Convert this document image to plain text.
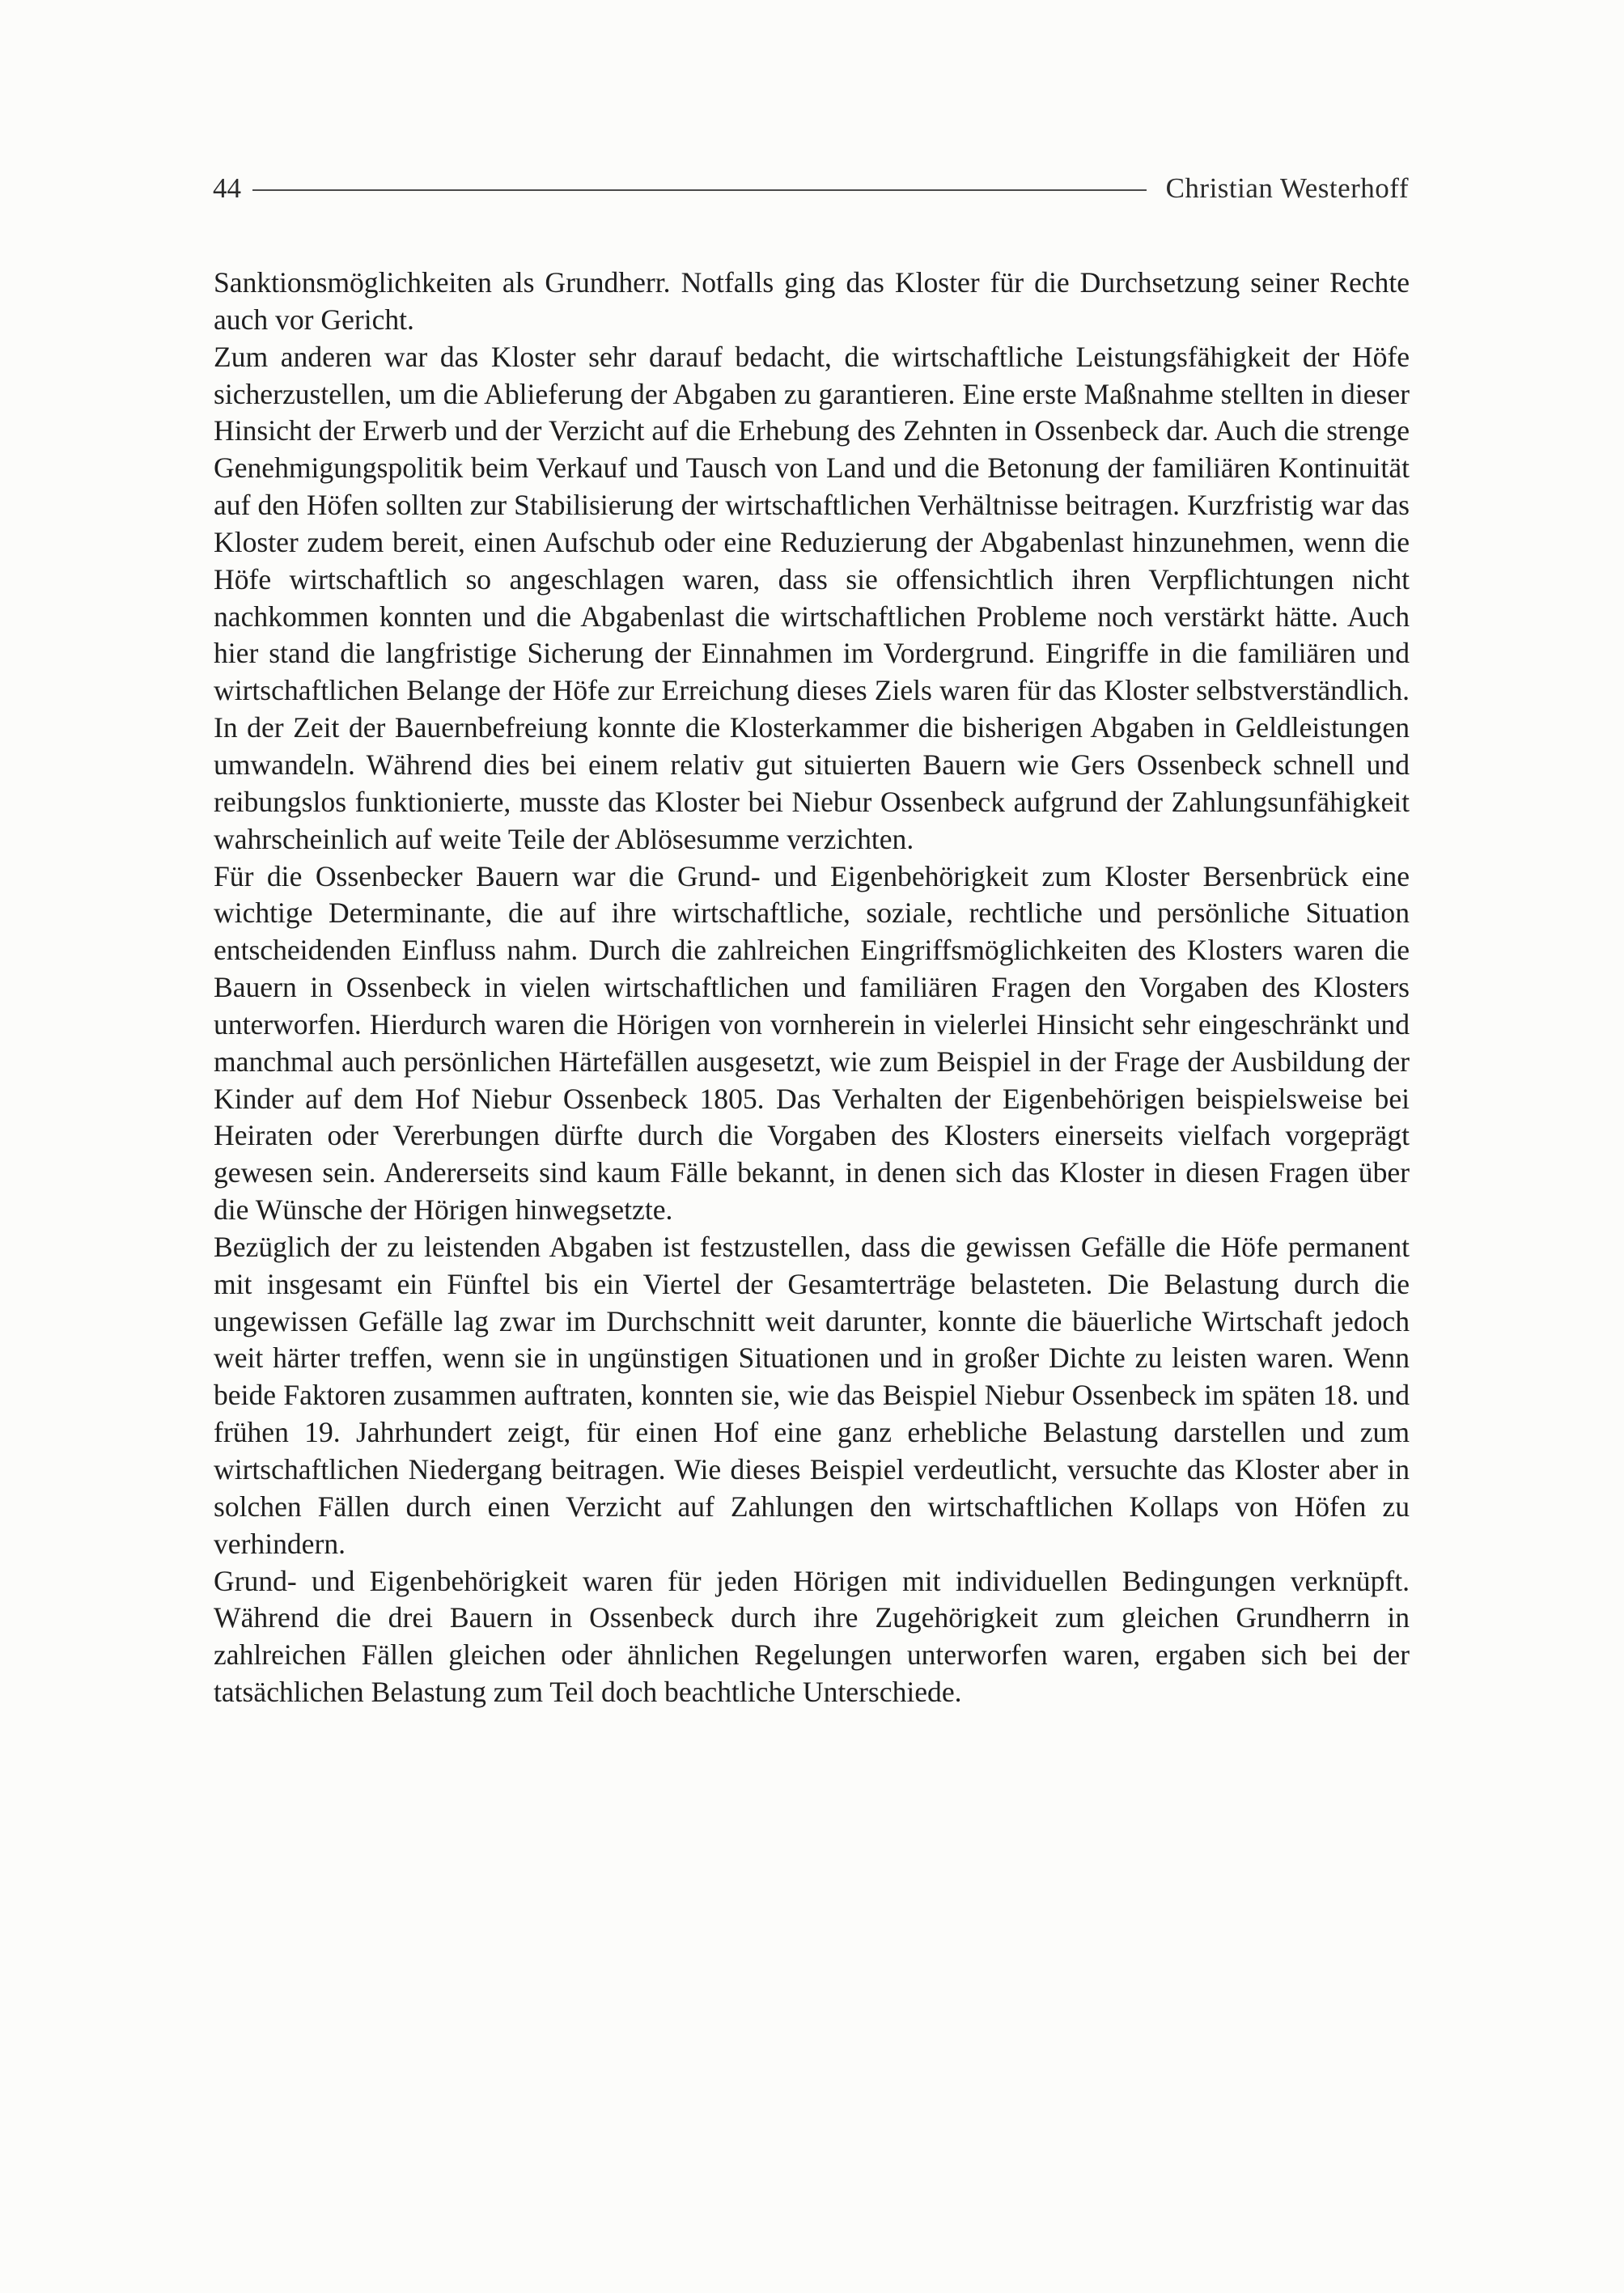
44	Christian Westerhoff

Sanktionsmöglichkeiten als Grundherr. Notfalls ging das Kloster für die Durchsetzung seiner Rechte auch vor Gericht.

Zum anderen war das Kloster sehr darauf bedacht, die wirtschaftliche Leistungsfähigkeit der Höfe sicherzustellen, um die Ablieferung der Abgaben zu garantieren. Eine erste Maßnahme stellten in dieser Hinsicht der Erwerb und der Verzicht auf die Erhebung des Zehnten in Ossenbeck dar. Auch die strenge Genehmigungspolitik beim Verkauf und Tausch von Land und die Betonung der familiären Kontinuität auf den Höfen sollten zur Stabilisierung der wirtschaftlichen Verhältnisse beitragen. Kurzfristig war das Kloster zudem bereit, einen Aufschub oder eine Reduzierung der Abgabenlast hinzunehmen, wenn die Höfe wirtschaftlich so angeschlagen waren, dass sie offensichtlich ihren Verpflichtungen nicht nachkommen konnten und die Abgabenlast die wirtschaftlichen Probleme noch verstärkt hätte. Auch hier stand die langfristige Sicherung der Einnahmen im Vordergrund. Eingriffe in die familiären und wirtschaftlichen Belange der Höfe zur Erreichung dieses Ziels waren für das Kloster selbstverständlich. In der Zeit der Bauernbefreiung konnte die Klosterkammer die bisherigen Abgaben in Geldleistungen umwandeln. Während dies bei einem relativ gut situierten Bauern wie Gers Ossenbeck schnell und reibungslos funktionierte, musste das Kloster bei Niebur Ossenbeck aufgrund der Zahlungsunfähigkeit wahrscheinlich auf weite Teile der Ablösesumme verzichten.

Für die Ossenbecker Bauern war die Grund- und Eigenbehörigkeit zum Kloster Bersenbrück eine wichtige Determinante, die auf ihre wirtschaftliche, soziale, rechtliche und persönliche Situation entscheidenden Einfluss nahm. Durch die zahlreichen Eingriffsmöglichkeiten des Klosters waren die Bauern in Ossenbeck in vielen wirtschaftlichen und familiären Fragen den Vorgaben des Klosters unterworfen. Hierdurch waren die Hörigen von vornherein in vielerlei Hinsicht sehr eingeschränkt und manchmal auch persönlichen Härtefällen ausgesetzt, wie zum Beispiel in der Frage der Ausbildung der Kinder auf dem Hof Niebur Ossenbeck 1805. Das Verhalten der Eigenbehörigen beispielsweise bei Heiraten oder Vererbungen dürfte durch die Vorgaben des Klosters einerseits vielfach vorgeprägt gewesen sein. Andererseits sind kaum Fälle bekannt, in denen sich das Kloster in diesen Fragen über die Wünsche der Hörigen hinwegsetzte.

Bezüglich der zu leistenden Abgaben ist festzustellen, dass die gewissen Gefälle die Höfe permanent mit insgesamt ein Fünftel bis ein Viertel der Gesamterträge belasteten. Die Belastung durch die ungewissen Gefälle lag zwar im Durchschnitt weit darunter, konnte die bäuerliche Wirtschaft jedoch weit härter treffen, wenn sie in ungünstigen Situationen und in großer Dichte zu leisten waren. Wenn beide Faktoren zusammen auftraten, konnten sie, wie das Beispiel Niebur Ossenbeck im späten 18. und frühen 19. Jahrhundert zeigt, für einen Hof eine ganz erhebliche Belastung darstellen und zum wirtschaftlichen Niedergang beitragen. Wie dieses Beispiel verdeutlicht, versuchte das Kloster aber in solchen Fällen durch einen Verzicht auf Zahlungen den wirtschaftlichen Kollaps von Höfen zu verhindern.

Grund- und Eigenbehörigkeit waren für jeden Hörigen mit individuellen Bedingungen verknüpft. Während die drei Bauern in Ossenbeck durch ihre Zugehörigkeit zum gleichen Grundherrn in zahlreichen Fällen gleichen oder ähnlichen Regelungen unterworfen waren, ergaben sich bei der tatsächlichen Belastung zum Teil doch beachtliche Unterschiede.
